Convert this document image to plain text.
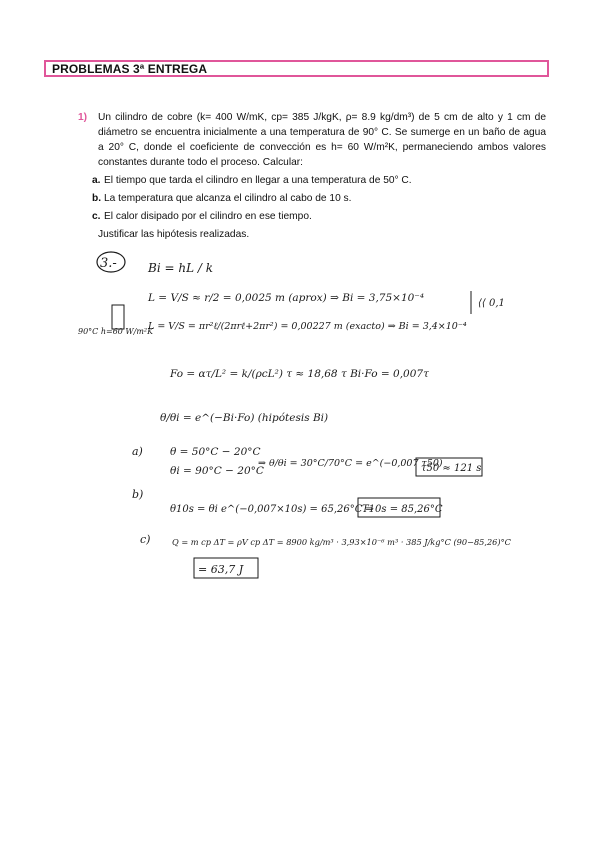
PROBLEMAS 3ª ENTREGA
1) Un cilindro de cobre (k= 400 W/mK, cp= 385 J/kgK, ρ= 8.9 kg/dm³) de 5 cm de alto y 1 cm de diámetro se encuentra inicialmente a una temperatura de 90° C. Se sumerge en un baño de agua a 20° C, donde el coeficiente de convección es h= 60 W/m²K, permaneciendo ambos valores constantes durante todo el proceso. Calcular:
a. El tiempo que tarda el cilindro en llegar a una temperatura de 50° C.
b. La temperatura que alcanza el cilindro al cabo de 10 s.
c. El calor disipado por el cilindro en ese tiempo.
Justificar las hipótesis realizadas.
3.-	Bi = hL / k
L = V/S ≈ r/2 = 0,0025 m (aprox) ⇒ Bi = 3,75×10⁻⁴	⟨⟨ 0,1
90°C h=60 W/m²K
L = V/S = πr²ℓ/(2πrℓ+2πr²) = 0,00227 m (exacto) ⇒ Bi = 3,4×10⁻⁴
Fo = ατ/L² = k/(ρcL²) τ ≈ 18,68 τ Bi·Fo = 0,007τ
θ/θi = e^(−Bi·Fo) (hipótesis Bi)
a)	θ = 50°C − 20°C
θi = 90°C − 20°C
⇒ θ/θi = 30°C/70°C = e^(−0,007 τ50)
τ50 ≈ 121 s
b)
θ10s = θi e^(−0,007×10s) = 65,26°C ⇒
T10s = 85,26°C
c)	Q = m cp ΔT = ρV cp ΔT = 8900 kg/m³ · 3,93×10⁻⁶ m³ · 385 J/kg°C (90−85,26)°C
= 63,7 J
